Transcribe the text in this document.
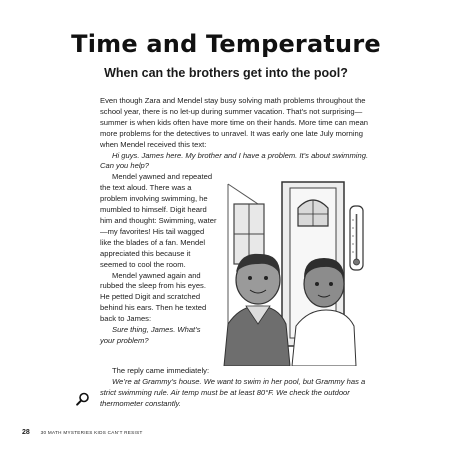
Time and Temperature
When can the brothers get into the pool?

Even though Zara and Mendel stay busy solving math problems throughout the school year, there is no let-up during summer vacation. That’s not surprising—summer is when kids often have more time on their hands. More time can mean more problems for the detectives to unravel. It was early one late July morning when Mendel received this text:

Hi guys. James here. My brother and I have a problem. It’s about swimming. Can you help?

Mendel yawned and repeated the text aloud. There was a problem involving swimming, he mumbled to himself. Digit heard him and thought: Swimming, water—my favorites! His tail wagged like the blades of a fan. Mendel appreciated this because it seemed to cool the room.

Mendel yawned again and rubbed the sleep from his eyes. He petted Digit and scratched behind his ears. Then he texted back to James:

Sure thing, James. What’s your problem?

The reply came immediately:

We’re at Grammy’s house. We want to swim in her pool, but Grammy has a strict swimming rule. Air temp must be at least 80°F. We check the outdoor thermometer constantly.

28 30 MATH MYSTERIES KIDS CAN’T RESIST
